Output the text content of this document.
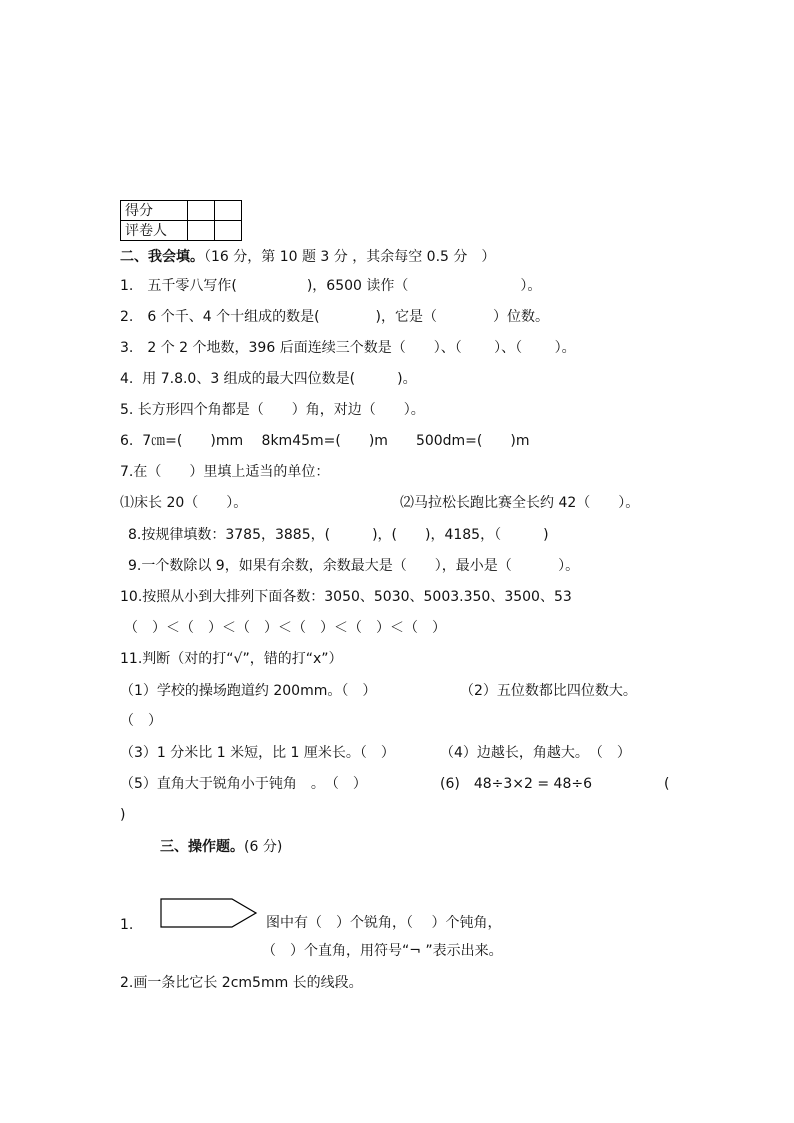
得分		
评卷人		
二、我会填。（16 分，第 10 题 3 分 ，其余每空 0.5 分　）
1.　五千零八写作(　　　　　)，6500 读作（　　　　　　　　）。
2.　6 个千、4 个十组成的数是(　　　　)，它是（　　　　）位数。
3.　2 个 2 个地数，396 后面连续三个数是（　　）、（　　 ）、（　　 ）。
4.  用 7.8.0、3 组成的最大四位数是(　　　)。
5. 长方形四个角都是（　　）角，对边（　　）。
6.  7㎝=(　　)mm　 8km45m=(　　)m　　500dm=(　　)m
7.在（　　）里填上适当的单位：
⑴床长 20（　　）。	⑵马拉松长跑比赛全长约 42（　　）。
8.按规律填数：3785，3885，(　　　)，(　　)，4185，（　　　)
9.一个数除以 9，如果有余数，余数最大是（　　），最小是（　　　 ）。
10.按照从小到大排列下面各数：3050、5030、5003.350、3500、53
（　）＜（　）＜（　）＜（　）＜（　）＜（　）
11.判断（对的打“√”，错的打“x”）
（1）学校的操场跑道约 200mm。（　）	（2）五位数都比四位数大。
（　）
（3）1 分米比 1 米短，比 1 厘米长。（　）	（4）边越长，角越大。　（　）
（5）直角大于锐角小于钝角　。　（　）	(6)　48÷3×2 = 48÷6	(
)
三、操作题。(6 分)
1.	图中有（　）个锐角，（　 ）个钝角，
（　）个直角，用符号“¬ ”表示出来。
2.画一条比它长 2cm5mm 长的线段。
